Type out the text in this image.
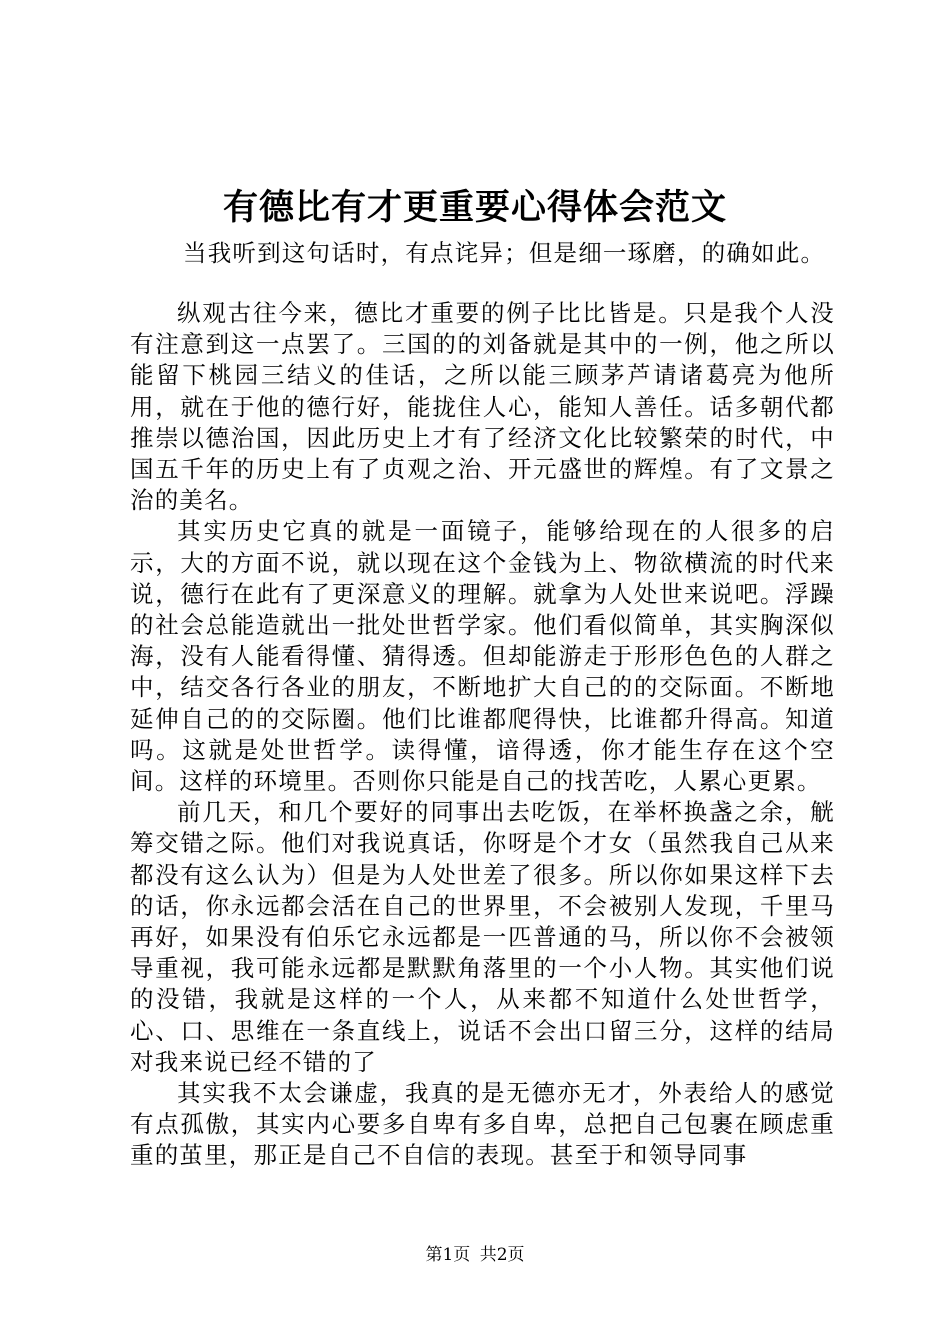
有德比有才更重要心得体会范文

当我听到这句话时，有点诧异；但是细一琢磨，的确如此。

纵观古往今来，德比才重要的例子比比皆是。只是我个人没有注意到这一点罢了。三国的的刘备就是其中的一例，他之所以能留下桃园三结义的佳话，之所以能三顾茅芦请诸葛亮为他所用，就在于他的德行好，能拢住人心，能知人善任。话多朝代都推崇以德治国，因此历史上才有了经济文化比较繁荣的时代，中国五千年的历史上有了贞观之治、开元盛世的辉煌。有了文景之治的美名。

其实历史它真的就是一面镜子，能够给现在的人很多的启示，大的方面不说，就以现在这个金钱为上、物欲横流的时代来说，德行在此有了更深意义的理解。就拿为人处世来说吧。浮躁的社会总能造就出一批处世哲学家。他们看似简单，其实胸深似海，没有人能看得懂、猜得透。但却能游走于形形色色的人群之中，结交各行各业的朋友，不断地扩大自己的的交际面。不断地延伸自己的的交际圈。他们比谁都爬得快，比谁都升得高。知道吗。这就是处世哲学。读得懂，谙得透，你才能生存在这个空间。这样的环境里。否则你只能是自己的找苦吃，人累心更累。

前几天，和几个要好的同事出去吃饭，在举杯换盏之余，觥筹交错之际。他们对我说真话，你呀是个才女（虽然我自己从来都没有这么认为）但是为人处世差了很多。所以你如果这样下去的话，你永远都会活在自己的世界里，不会被别人发现，千里马再好，如果没有伯乐它永远都是一匹普通的马，所以你不会被领导重视，我可能永远都是默默角落里的一个小人物。其实他们说的没错，我就是这样的一个人，从来都不知道什么处世哲学，心、口、思维在一条直线上，说话不会出口留三分，这样的结局对我来说已经不错的了

其实我不太会谦虚，我真的是无德亦无才，外表给人的感觉有点孤傲，其实内心要多自卑有多自卑，总把自己包裹在顾虑重重的茧里，那正是自己不自信的表现。甚至于和领导同事

第1页 共2页
